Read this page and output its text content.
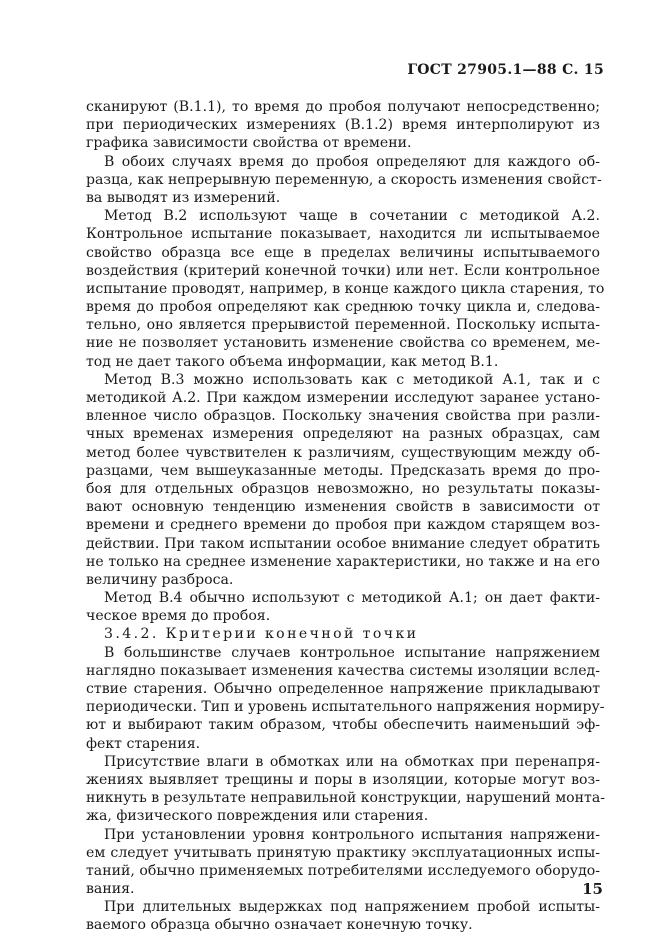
ГОСТ 27905.1—88 С. 15
сканируют (В.1.1), то время до пробоя получают непосредственно;
при периодических измерениях (В.1.2) время интерполируют из
графика зависимости свойства от времени.
В обоих случаях время до пробоя определяют для каждого об-
разца, как непрерывную переменную, а скорость изменения свойст-
ва выводят из измерений.
Метод В.2 используют чаще в сочетании с методикой А.2.
Контрольное испытание показывает, находится ли испытываемое
свойство образца все еще в пределах величины испытываемого
воздействия (критерий конечной точки) или нет. Если контрольное
испытание проводят, например, в конце каждого цикла старения, то
время до пробоя определяют как среднюю точку цикла и, следова-
тельно, оно является прерывистой переменной. Поскольку испыта-
ние не позволяет установить изменение свойства со временем, ме-
тод не дает такого объема информации, как метод В.1.
Метод В.3 можно использовать как с методикой А.1, так и с
методикой А.2. При каждом измерении исследуют заранее устано-
вленное число образцов. Поскольку значения свойства при разли-
чных временах измерения определяют на разных образцах, сам
метод более чувствителен к различиям, существующим между об-
разцами, чем вышеуказанные методы. Предсказать время до про-
боя для отдельных образцов невозможно, но результаты показы-
вают основную тенденцию изменения свойств в зависимости от
времени и среднего времени до пробоя при каждом старящем воз-
действии. При таком испытании особое внимание следует обратить
не только на среднее изменение характеристики, но также и на его
величину разброса.
Метод В.4 обычно используют с методикой А.1; он дает факти-
ческое время до пробоя.
3.4.2. Критерии конечной точки
В большинстве случаев контрольное испытание напряжением
наглядно показывает изменения качества системы изоляции вслед-
ствие старения. Обычно определенное напряжение прикладывают
периодически. Тип и уровень испытательного напряжения нормиру-
ют и выбирают таким образом, чтобы обеспечить наименьший эф-
фект старения.
Присутствие влаги в обмотках или на обмотках при перенапря-
жениях выявляет трещины и поры в изоляции, которые могут воз-
никнуть в результате неправильной конструкции, нарушений монта-
жа, физического повреждения или старения.
При установлении уровня контрольного испытания напряжени-
ем следует учитывать принятую практику эксплуатационных испы-
таний, обычно применяемых потребителями исследуемого оборудо-
вания.
При длительных выдержках под напряжением пробой испыты-
ваемого образца обычно означает конечную точку.
15
